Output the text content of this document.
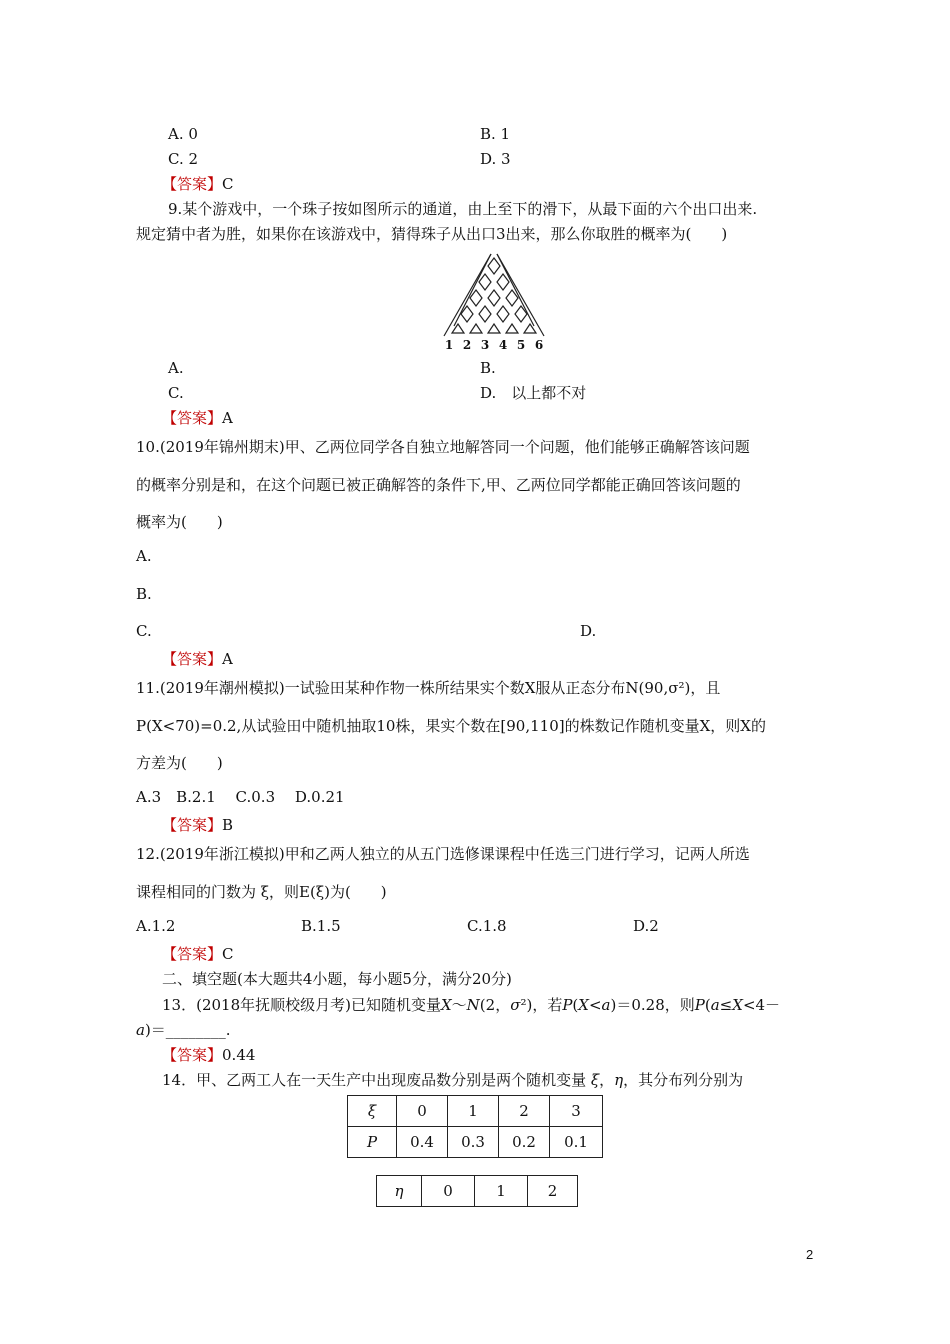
A. 0	B. 1
C. 2	D. 3
【答案】C
9.某个游戏中，一个珠子按如图所示的通道，由上至下的滑下，从最下面的六个出口出来.
规定猜中者为胜，如果你在该游戏中，猜得珠子从出口3出来，那么你取胜的概率为(　　)
1 2 3 4 5 6
A.	B.
C.	D.　以上都不对
【答案】A
10.(2019年锦州期末)甲、乙两位同学各自独立地解答同一个问题，他们能够正确解答该问题
的概率分别是和，在这个问题已被正确解答的条件下,甲、乙两位同学都能正确回答该问题的
概率为(　　)
A.
B.
C.	D.
【答案】A
11.(2019年潮州模拟)一试验田某种作物一株所结果实个数X服从正态分布N(90,σ²)，且
P(X<70)=0.2,从试验田中随机抽取10株，果实个数在[90,110]的株数记作随机变量X，则X的
方差为(　　)
A.3　B.2.1　 C.0.3　 D.0.21
【答案】B
12.(2019年浙江模拟)甲和乙两人独立的从五门选修课课程中任选三门进行学习，记两人所选
课程相同的门数为 ξ，则E(ξ)为(　　)
A.1.2	B.1.5	C.1.8	D.2
【答案】C
二、填空题(本大题共4小题，每小题5分，满分20分)
13．(2018年抚顺校级月考)已知随机变量X～N(2，σ²)，若P(X<a)＝0.28，则P(a≤X<4－
a)＝________.
【答案】0.44
14．甲、乙两工人在一天生产中出现废品数分别是两个随机变量 ξ，η，其分布列分别为
ξ	0	1	2	3
P	0.4	0.3	0.2	0.1
η	0	1	2
2
